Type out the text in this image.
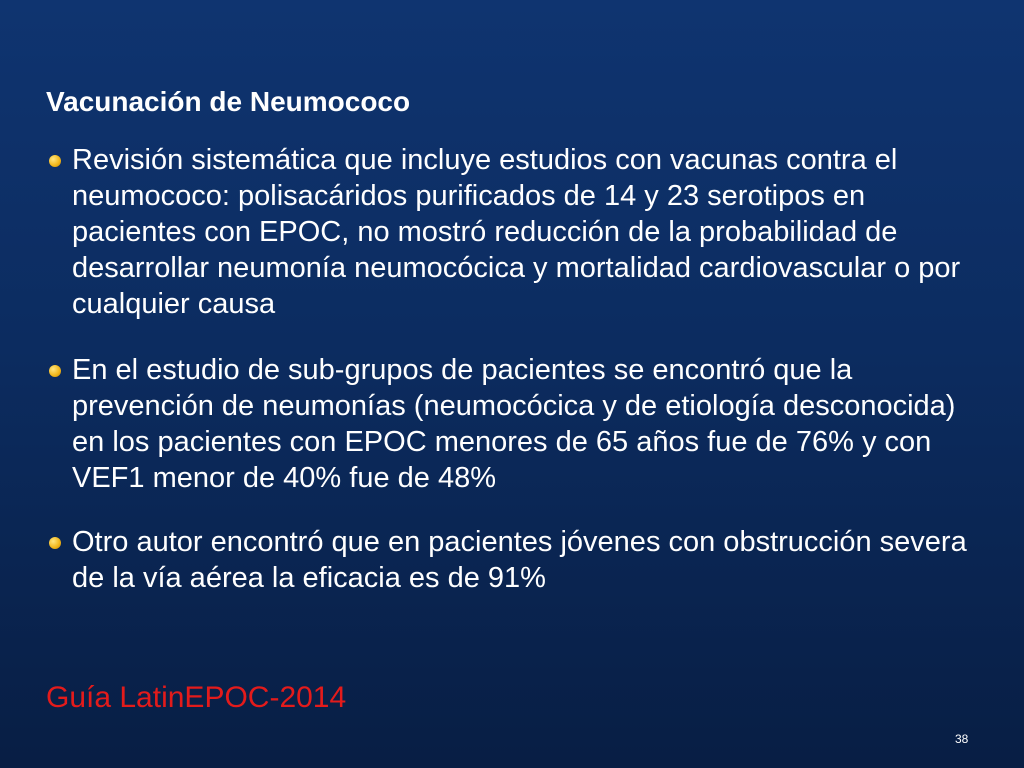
Vacunación de Neumococo
Revisión sistemática que incluye estudios con vacunas contra el neumococo: polisacáridos purificados de 14 y 23 serotipos en pacientes con EPOC, no mostró reducción de la probabilidad de desarrollar neumonía neumocócica y mortalidad cardiovascular o por cualquier causa
En el estudio de sub-grupos de pacientes se encontró que la prevención de neumonías (neumocócica y de etiología desconocida) en los pacientes con EPOC menores de 65 años fue de 76% y con VEF1 menor de 40% fue de 48%
Otro autor encontró que en pacientes jóvenes con obstrucción severa de la vía aérea la eficacia es de 91%
Guía LatinEPOC-2014
38
